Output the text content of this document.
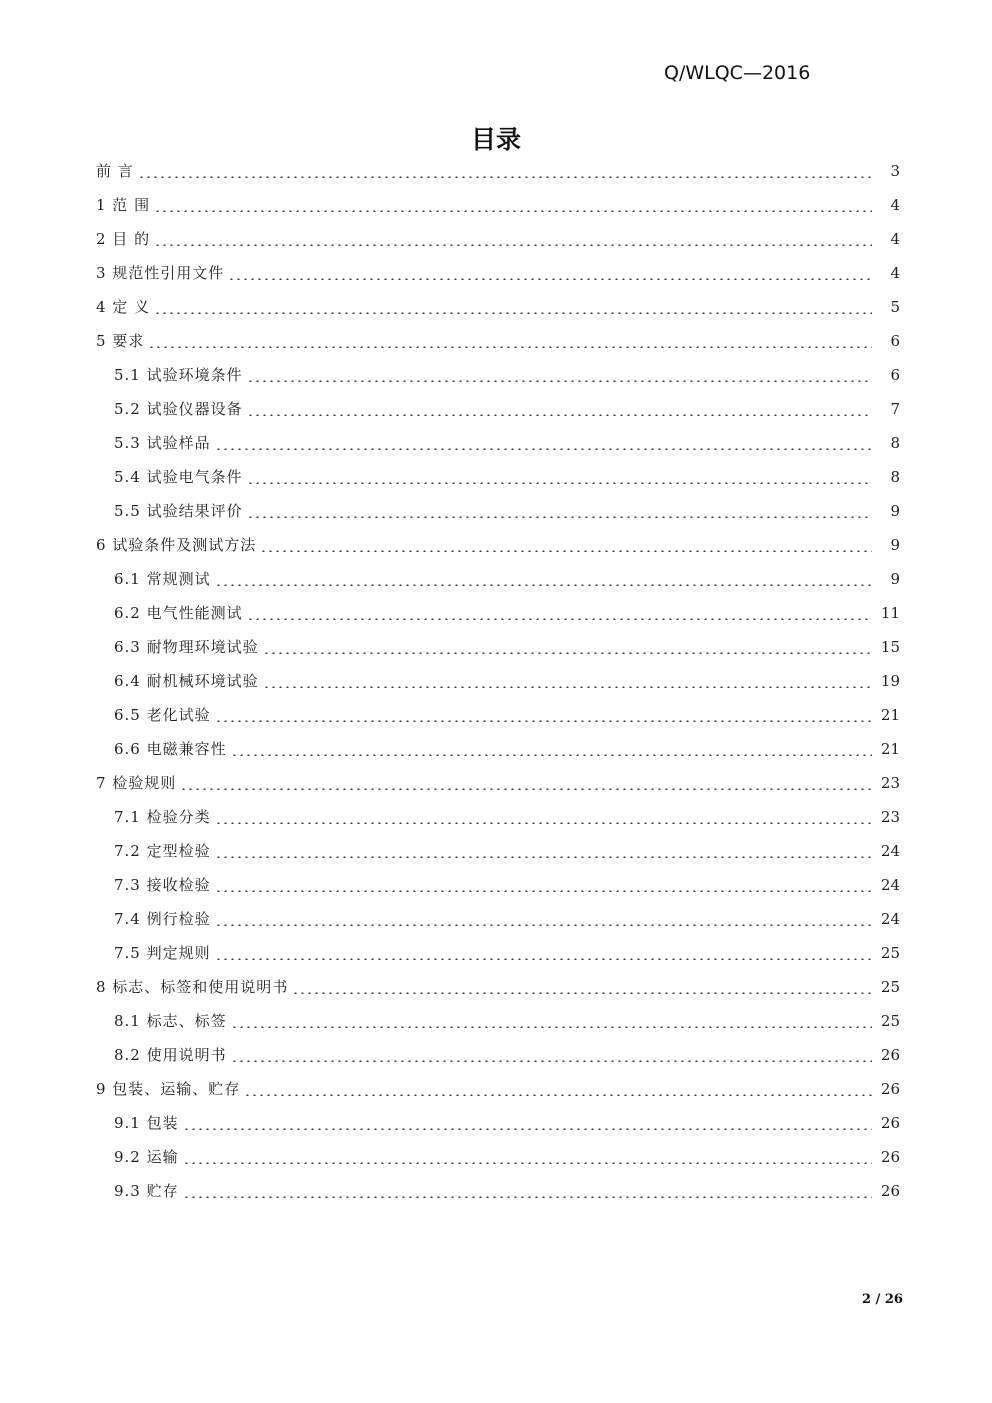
Q/WLQC—2016
目录
前 言	3
1 范 围	4
2 目 的	4
3 规范性引用文件	4
4 定 义	5
5 要求	6
5.1 试验环境条件	6
5.2 试验仪器设备	7
5.3 试验样品	8
5.4 试验电气条件	8
5.5 试验结果评价	9
6 试验条件及测试方法	9
6.1 常规测试	9
6.2 电气性能测试	11
6.3 耐物理环境试验	15
6.4 耐机械环境试验	19
6.5 老化试验	21
6.6 电磁兼容性	21
7 检验规则	23
7.1 检验分类	23
7.2 定型检验	24
7.3 接收检验	24
7.4 例行检验	24
7.5 判定规则	25
8 标志、标签和使用说明书	25
8.1 标志、标签	25
8.2 使用说明书	26
9 包装、运输、贮存	26
9.1 包装	26
9.2 运输	26
9.3 贮存	26
2 / 26
